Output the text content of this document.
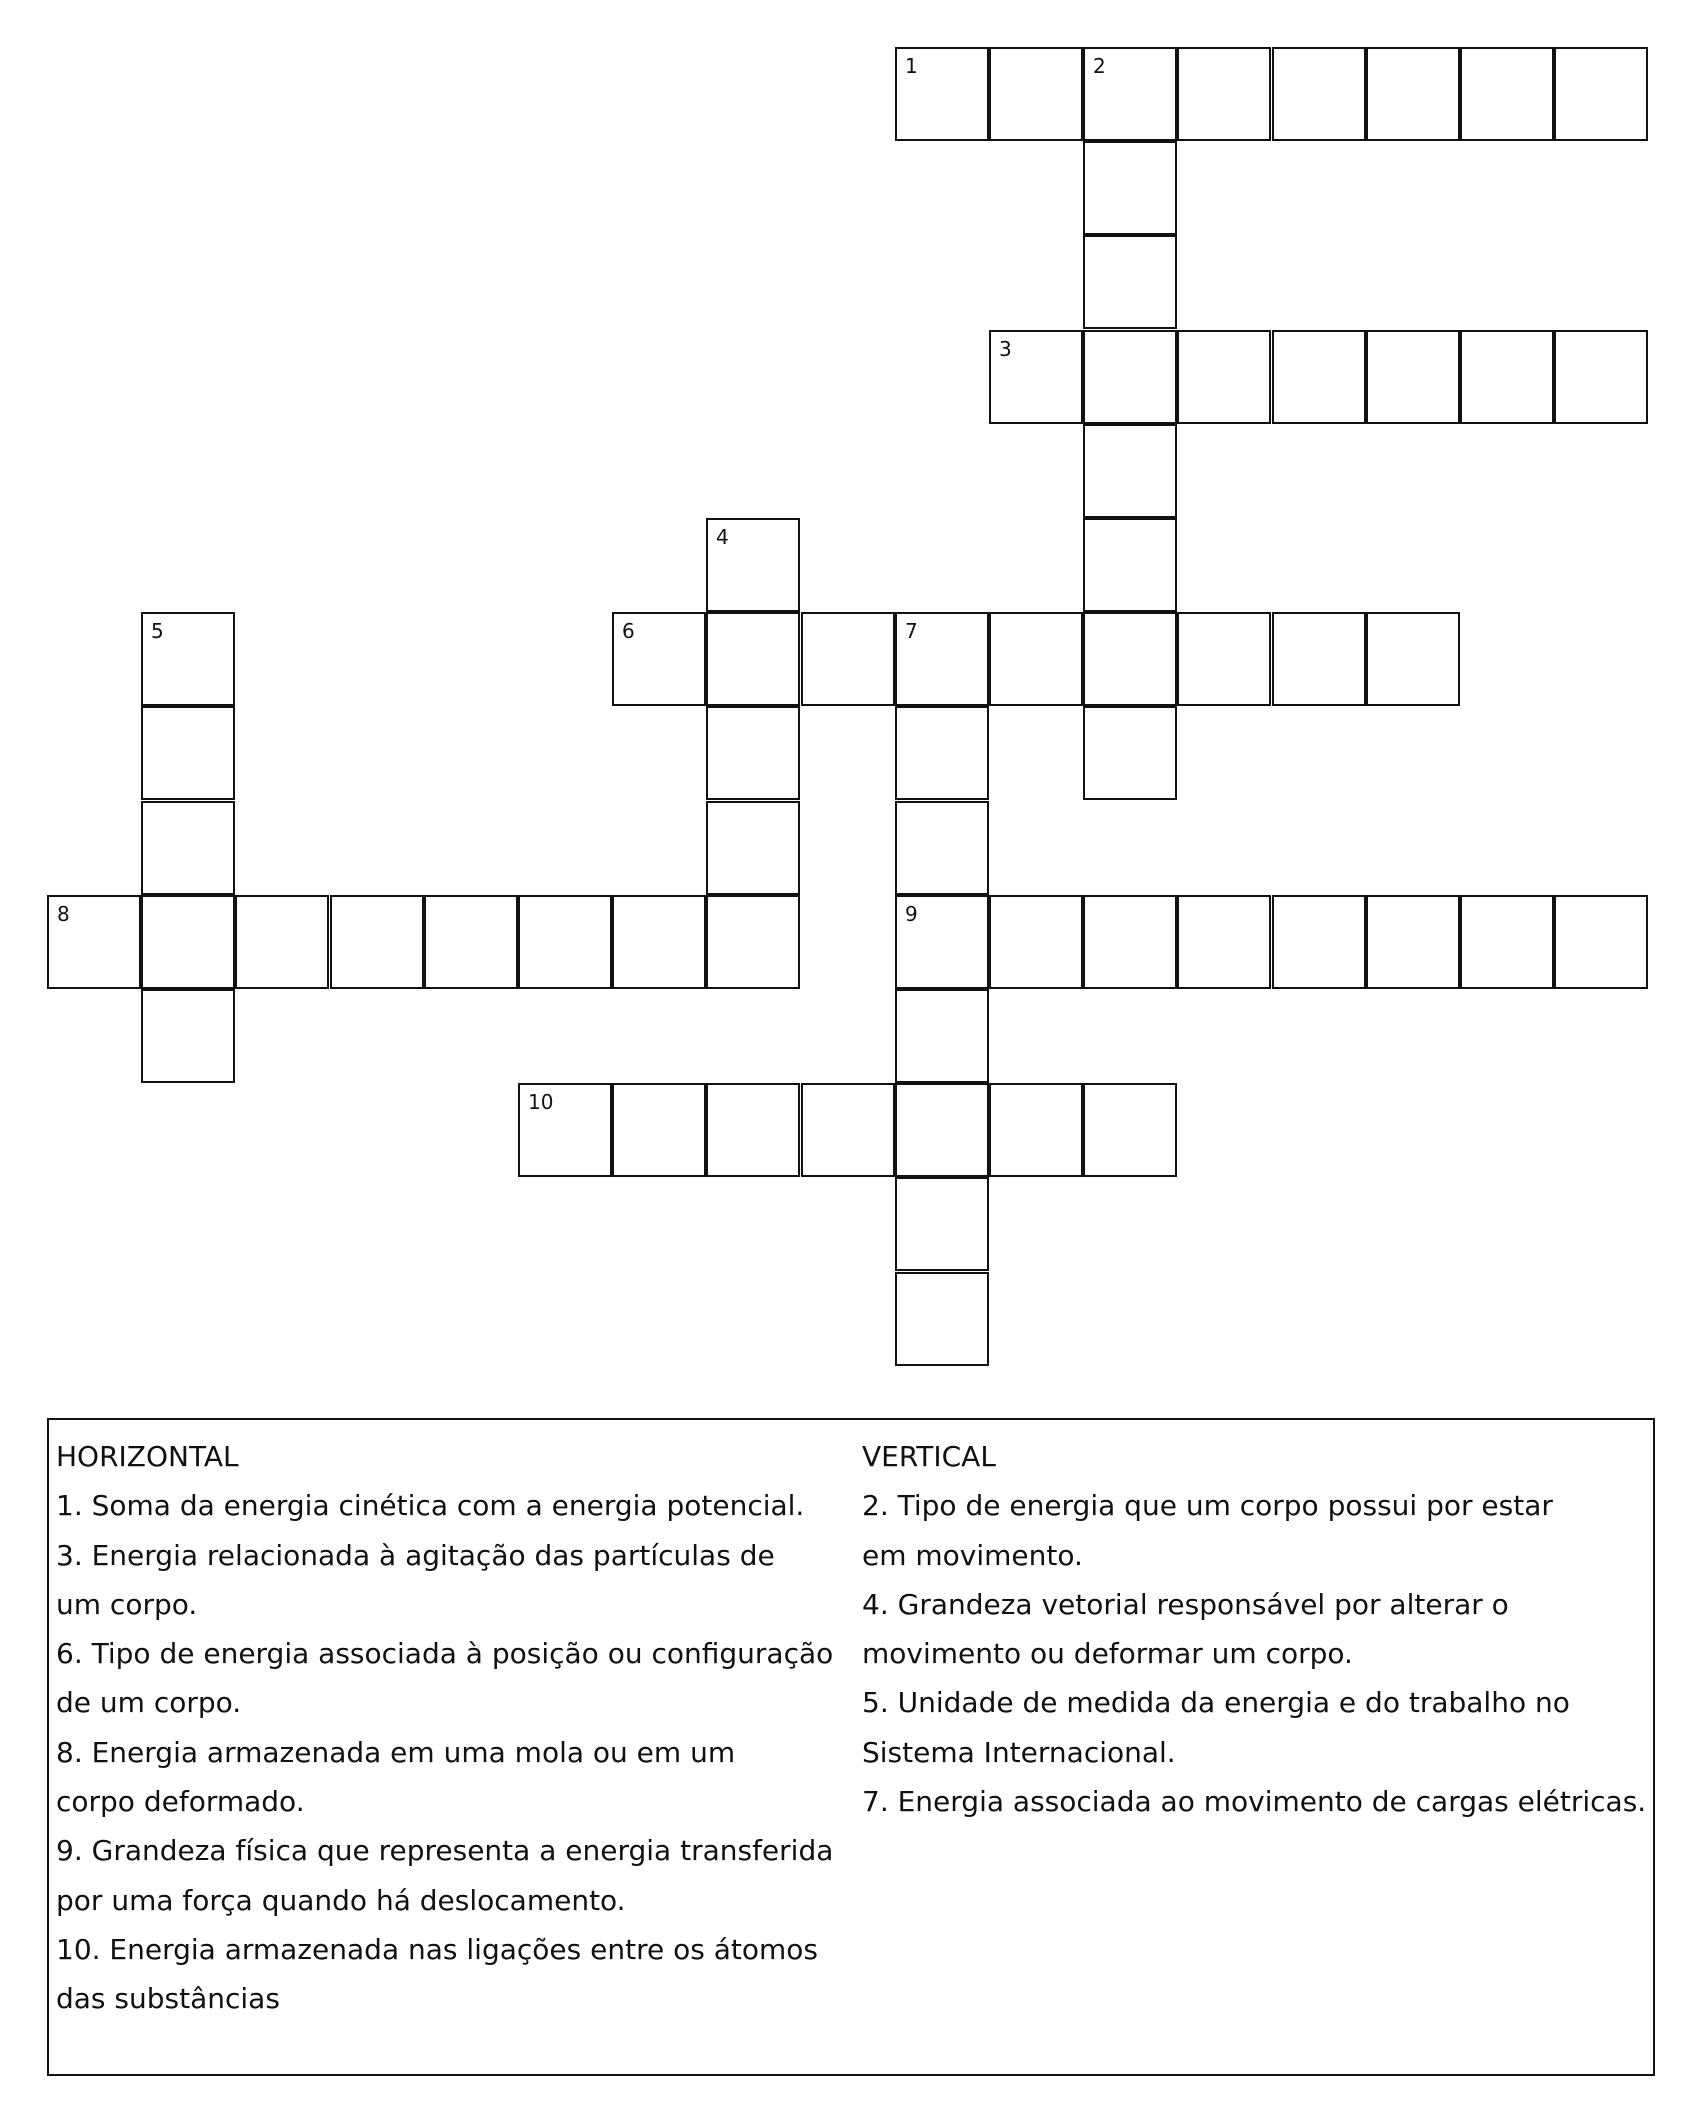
1	2
3
4
5	6	7
8	9
10

HORIZONTAL

1. Soma da energia cinética com a energia potencial.

3. Energia relacionada à agitação das partículas de um corpo.

6. Tipo de energia associada à posição ou configuração de um corpo.

8. Energia armazenada em uma mola ou em um corpo deformado.

9. Grandeza física que representa a energia transferida por uma força quando há deslocamento.

10. Energia armazenada nas ligações entre os átomos das substâncias

VERTICAL

2. Tipo de energia que um corpo possui por estar em movimento.

4. Grandeza vetorial responsável por alterar o movimento ou deformar um corpo.

5. Unidade de medida da energia e do trabalho no Sistema Internacional.

7. Energia associada ao movimento de cargas elétricas.
